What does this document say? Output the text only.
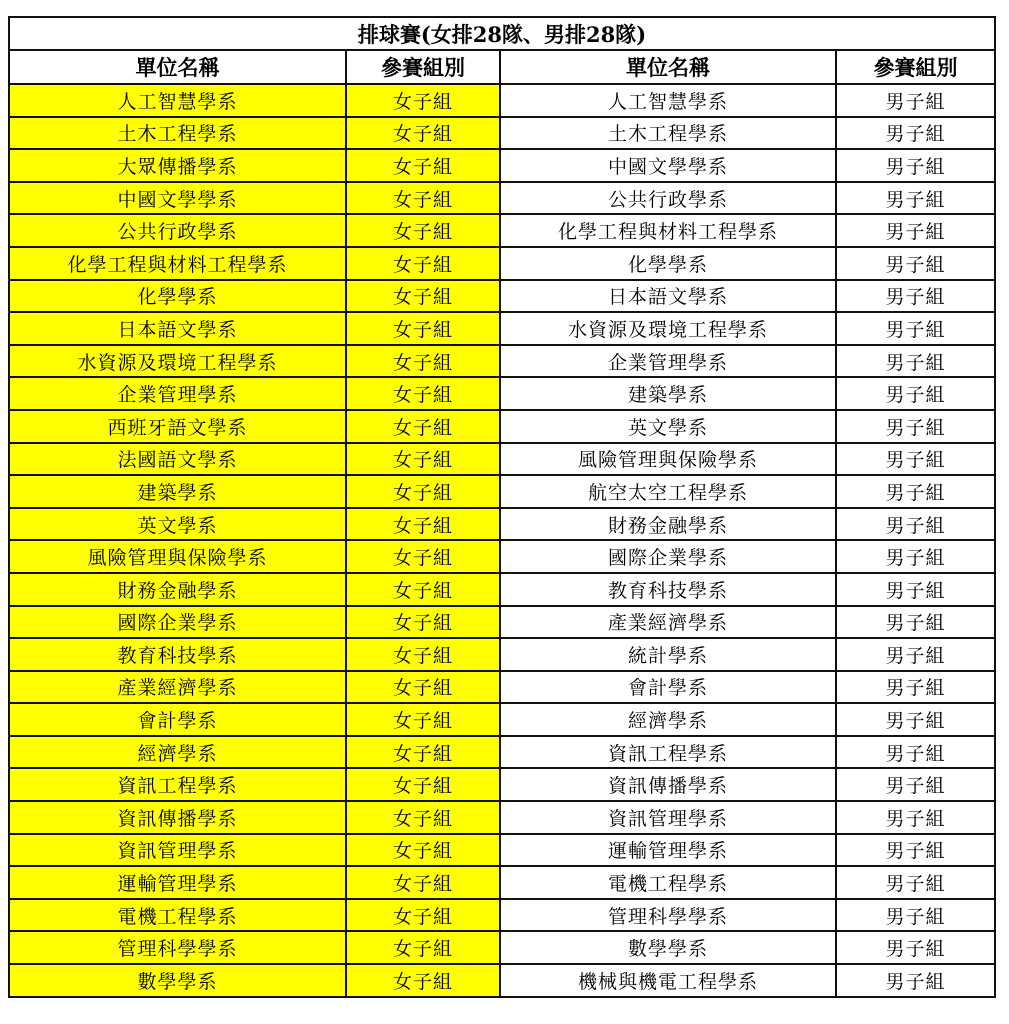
排球賽(女排28隊、男排28隊)			
單位名稱	參賽組別	單位名稱	參賽組別
人工智慧學系	女子組	人工智慧學系	男子組
土木工程學系	女子組	土木工程學系	男子組
大眾傳播學系	女子組	中國文學學系	男子組
中國文學學系	女子組	公共行政學系	男子組
公共行政學系	女子組	化學工程與材料工程學系	男子組
化學工程與材料工程學系	女子組	化學學系	男子組
化學學系	女子組	日本語文學系	男子組
日本語文學系	女子組	水資源及環境工程學系	男子組
水資源及環境工程學系	女子組	企業管理學系	男子組
企業管理學系	女子組	建築學系	男子組
西班牙語文學系	女子組	英文學系	男子組
法國語文學系	女子組	風險管理與保險學系	男子組
建築學系	女子組	航空太空工程學系	男子組
英文學系	女子組	財務金融學系	男子組
風險管理與保險學系	女子組	國際企業學系	男子組
財務金融學系	女子組	教育科技學系	男子組
國際企業學系	女子組	產業經濟學系	男子組
教育科技學系	女子組	統計學系	男子組
產業經濟學系	女子組	會計學系	男子組
會計學系	女子組	經濟學系	男子組
經濟學系	女子組	資訊工程學系	男子組
資訊工程學系	女子組	資訊傳播學系	男子組
資訊傳播學系	女子組	資訊管理學系	男子組
資訊管理學系	女子組	運輸管理學系	男子組
運輸管理學系	女子組	電機工程學系	男子組
電機工程學系	女子組	管理科學學系	男子組
管理科學學系	女子組	數學學系	男子組
數學學系	女子組	機械與機電工程學系	男子組
